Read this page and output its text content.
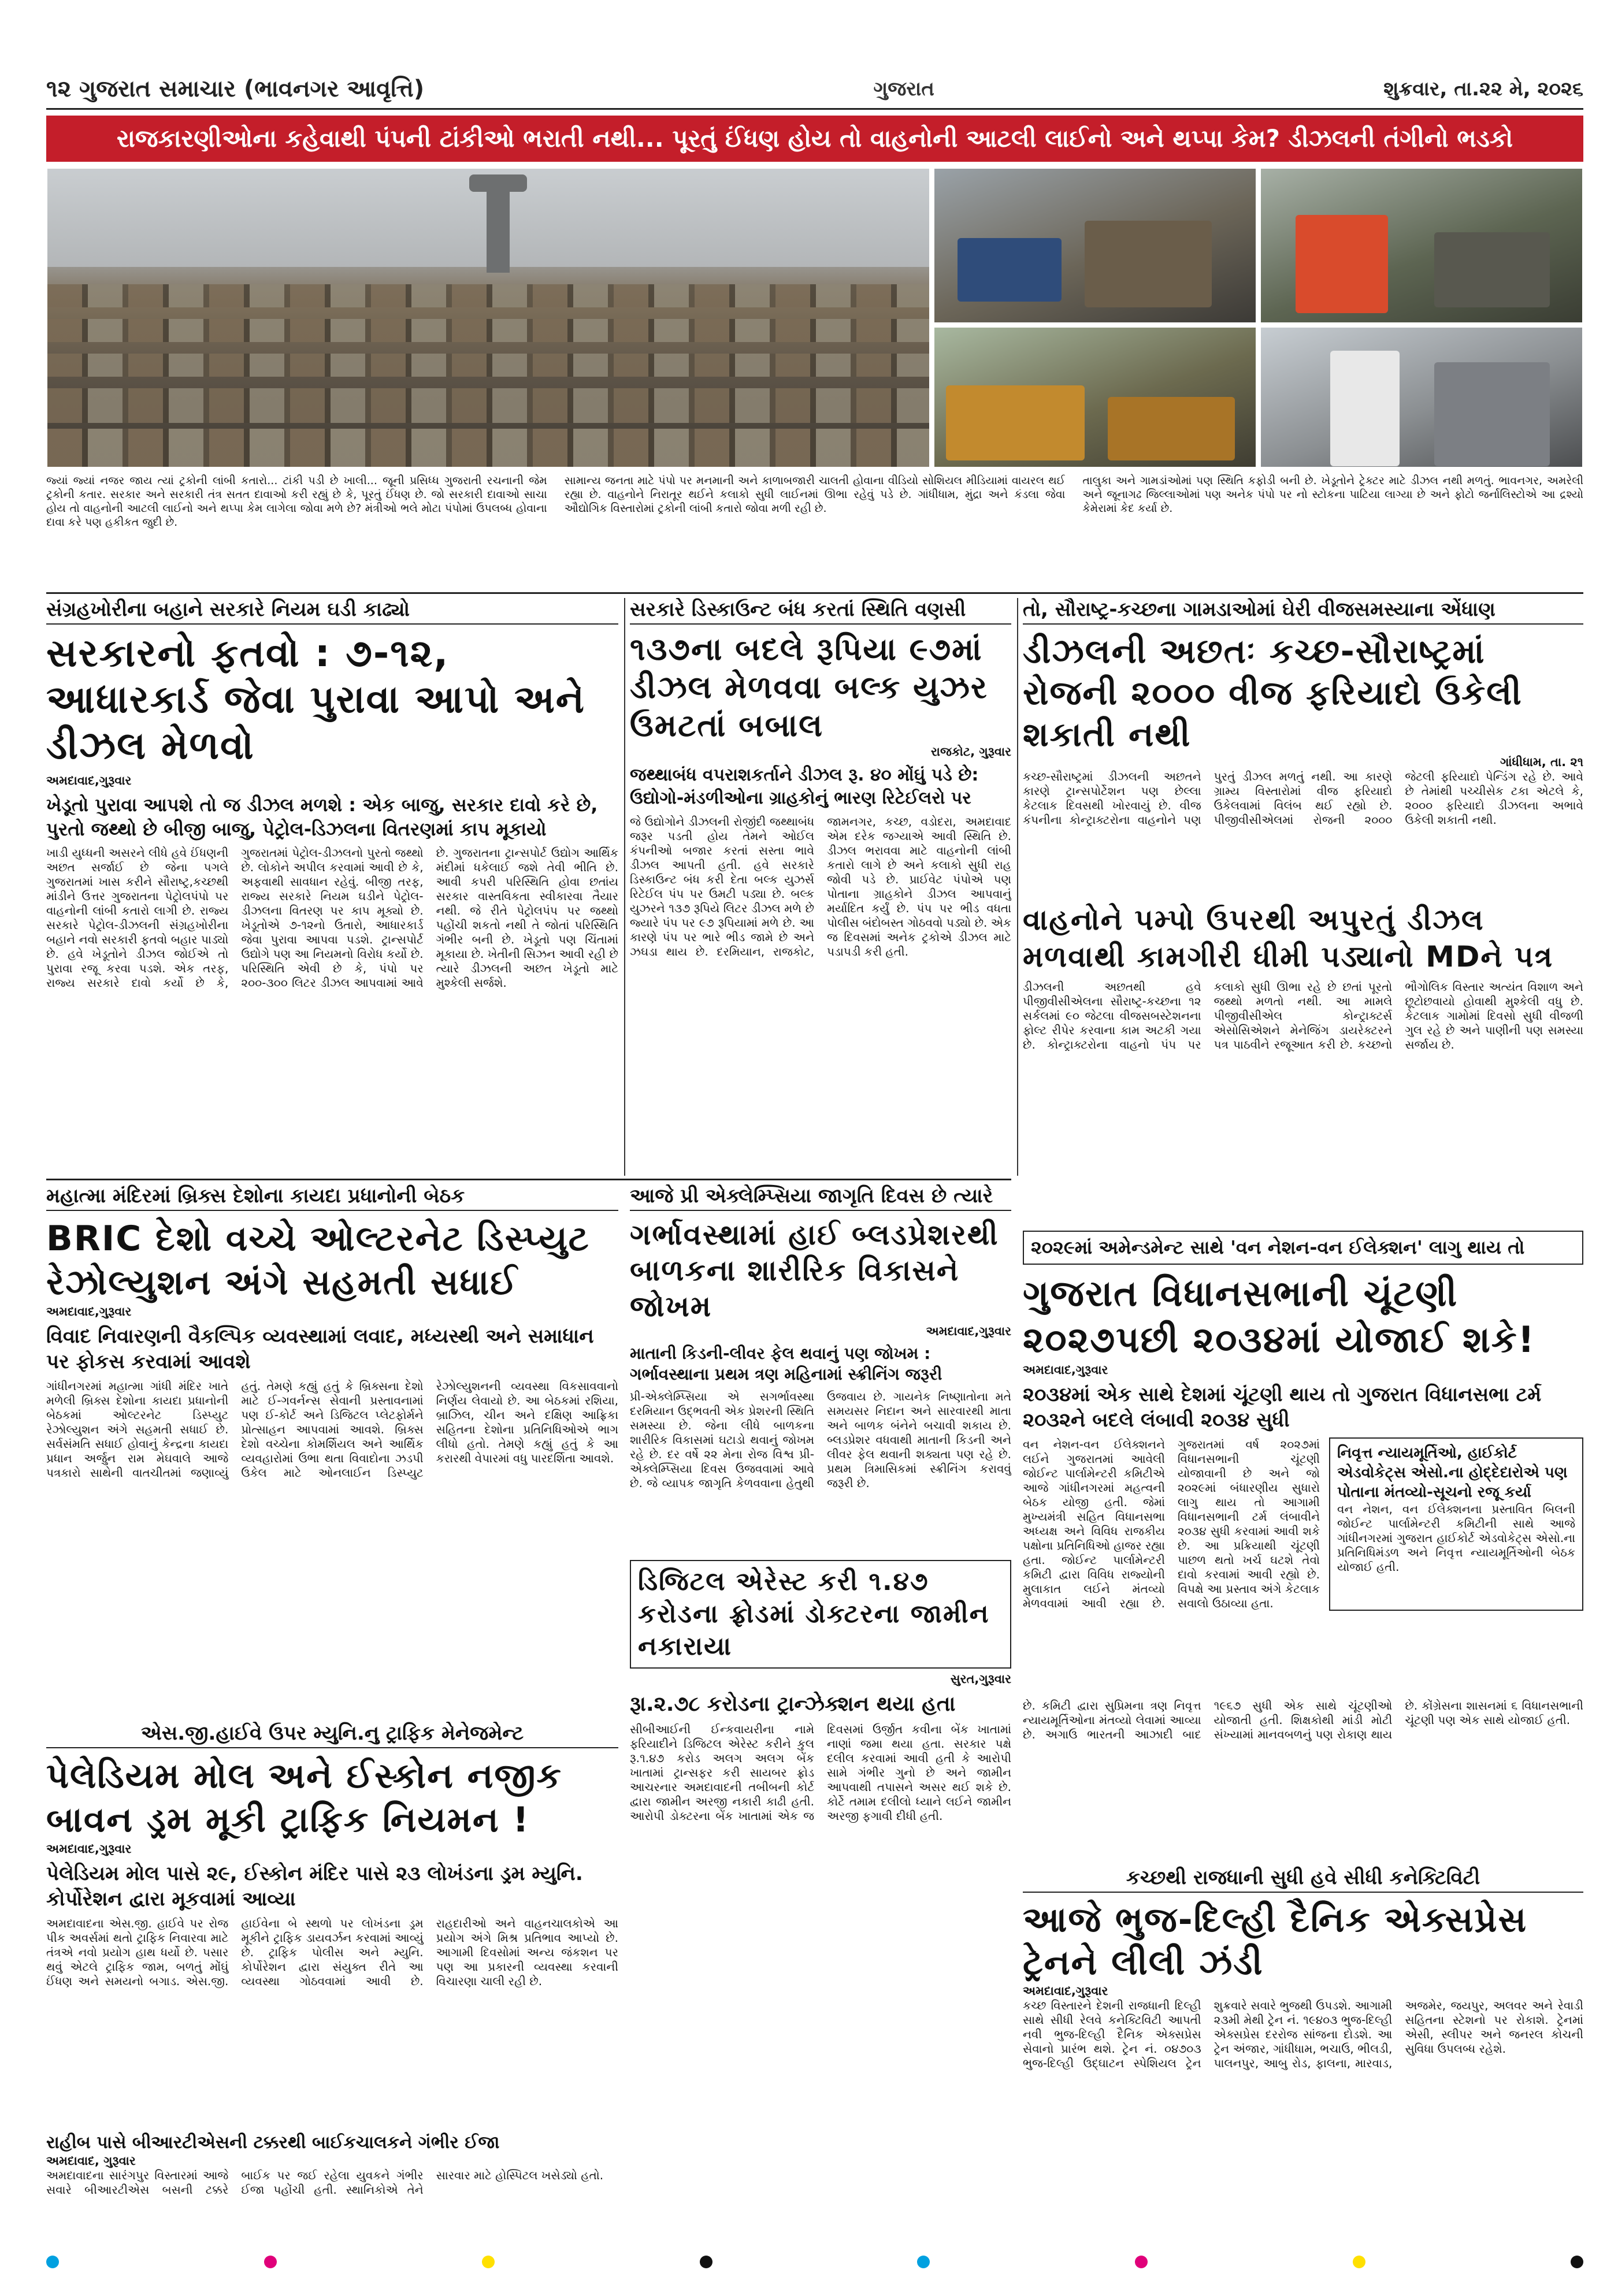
૧૨ ગુજરાત સમાચાર (ભાવનગર આવૃત્તિ)	ગુજરાત	શુક્રવાર, તા.૨૨ મે, ૨૦૨૬
રાજકારણીઓના કહેવાથી પંપની ટાંકીઓ ભરાતી નથી... પૂરતું ઈંધણ હોય તો વાહનોની આટલી લાઈનો અને થપ્પા કેમ? ડીઝલની તંગીનો ભડકો

જ્યાં જ્યાં નજર જાય ત્યાં ટ્રકોની લાંબી કતારો... ટાંકી પડી છે ખાલી... જૂની પ્રસિધ્ધ ગુજરાતી રચનાની જેમ ટ્રકોની કતાર. સરકાર અને સરકારી તંત્ર સતત દાવાઓ કરી રહ્યું છે કે, પૂરતું ઈંધણ છે. જો સરકારી દાવાઓ સાચા હોય તો વાહનોની આટલી લાઈનો અને થપ્પા કેમ લાગેલા જોવા મળે છે? મંત્રીઓ ભલે મોટા પંપોમાં ઉપલબ્ધ હોવાના દાવા કરે પણ હકીકત જુદી છે.

સામાન્ય જનતા માટે પંપો પર મનમાની અને કાળાબજારી ચાલતી હોવાના વીડિયો સોશિયલ મીડિયામાં વાયરલ થઈ રહ્યા છે. વાહનોને નિરાતૂર થઈને કલાકો સુધી લાઈનમાં ઊભા રહેવું પડે છે. ગાંધીધામ, મુંદ્રા અને કંડલા જેવા ઔદ્યોગિક વિસ્તારોમાં ટ્રકોની લાંબી કતારો જોવા મળી રહી છે.

તાલુકા અને ગામડાંઓમાં પણ સ્થિતિ કફોડી બની છે. ખેડૂતોને ટ્રેક્ટર માટે ડીઝલ નથી મળતું. ભાવનગર, અમરેલી અને જૂનાગઢ જિલ્લાઓમાં પણ અનેક પંપો પર નો સ્ટોકના પાટિયા લાગ્યા છે અને ફોટો જર્નાલિસ્ટોએ આ દ્રશ્યો કેમેરામાં કેદ કર્યા છે.

સંગ્રહખોરીના બહાને સરકારે નિયમ ઘડી કાઢ્યો
સરકારનો ફતવો : ૭-૧૨, આધારકાર્ડ જેવા પુરાવા આપો અને ડીઝલ મેળવો
અમદાવાદ,ગુરૂવાર
ખેડૂતો પુરાવા આપશે તો જ ડીઝલ મળશે : એક બાજુ, સરકાર દાવો કરે છે, પુરતો જથ્થો છે બીજી બાજુ, પેટ્રોલ-ડિઝલના વિતરણમાં કાપ મૂકાયો
ખાડી યુધ્ધની અસરને લીધે હવે ઈંધણની અછત સર્જાઈ છે જેના પગલે ગુજરાતમાં ખાસ કરીને સૌરાષ્ટ્ર,કચ્છથી માંડીને ઉત્તર ગુજરાતના પેટ્રોલપંપો પર વાહનોની લાંબી કતારો લાગી છે. રાજ્ય સરકારે પેટ્રોલ-ડીઝલની સંગ્રહખોરીના બહાને નવો સરકારી ફતવો બહાર પાડ્યો છે. હવે ખેડૂતોને ડીઝલ જોઈએ તો પુરાવા રજૂ કરવા પડશે. એક તરફ, રાજ્ય સરકારે દાવો કર્યો છે કે, ગુજરાતમાં પેટ્રોલ-ડીઝલનો પુરતો જથ્થો છે. લોકોને અપીલ કરવામાં આવી છે કે, અફવાથી સાવધાન રહેવું. બીજી તરફ, રાજ્ય સરકારે નિયમ ઘડીને પેટ્રોલ-ડીઝલના વિતરણ પર કાપ મૂક્યો છે. ખેડૂતોએ ૭-૧૨નો ઉતારો, આધારકાર્ડ જેવા પુરાવા આપવા પડશે. ટ્રાન્સપોર્ટ ઉદ્યોગે પણ આ નિયમનો વિરોધ કર્યો છે. પરિસ્થિતિ એવી છે કે, પંપો પર ૨૦૦-૩૦૦ લિટર ડીઝલ આપવામાં આવે છે. ગુજરાતના ટ્રાન્સપોર્ટ ઉદ્યોગ આર્થિક મંદીમાં ધકેલાઈ જશે તેવી ભીતિ છે. આવી કપરી પરિસ્થિતિ હોવા છતાંય સરકાર વાસ્તવિકતા સ્વીકારવા તૈયાર નથી. જે રીતે પેટ્રોલપંપ પર જથ્થો પહોંચી શકતો નથી તે જોતાં પરિસ્થિતિ ગંભીર બની છે. ખેડૂતો પણ ચિંતામાં મૂકાયા છે. ખેતીની સિઝન આવી રહી છે ત્યારે ડીઝલની અછત ખેડૂતો માટે મુશ્કેલી સર્જશે.
સરકારે ડિસ્કાઉન્ટ બંધ કરતાં સ્થિતિ વણસી
૧૩૭ના બદલે રૂપિયા ૯૭માં ડીઝલ મેળવવા બલ્ક યુઝર ઉમટતાં બબાલ
રાજકોટ, ગુરૂવાર
જથ્થાબંધ વપરાશકર્તાને ડીઝલ રૂ. ૪૦ મોંઘું પડે છે: ઉદ્યોગો-મંડળીઓના ગ્રાહકોનું ભારણ રિટેઈલરો પર
જે ઉદ્યોગોને ડીઝલની રોજીંદી જથ્થાબંધ જરૂર પડતી હોય તેમને ઓઈલ કંપનીઓ બજાર કરતાં સસ્તા ભાવે ડીઝલ આપતી હતી. હવે સરકારે ડિસ્કાઉન્ટ બંધ કરી દેતા બલ્ક યુઝર્સ રિટેઈલ પંપ પર ઉમટી પડ્યા છે. બલ્ક યુઝરને ૧૩૭ રૂપિયે લિટર ડીઝલ મળે છે જ્યારે પંપ પર ૯૭ રૂપિયામાં મળે છે. આ કારણે પંપ પર ભારે ભીડ જામે છે અને ઝઘડા થાય છે. દરમિયાન, રાજકોટ, જામનગર, કચ્છ, વડોદરા, અમદાવાદ એમ દરેક જગ્યાએ આવી સ્થિતિ છે. ડીઝલ ભરાવવા માટે વાહનોની લાંબી કતારો લાગે છે અને કલાકો સુધી રાહ જોવી પડે છે. પ્રાઈવેટ પંપોએ પણ પોતાના ગ્રાહકોને ડીઝલ આપવાનું મર્યાદિત કર્યું છે. પંપ પર ભીડ વધતા પોલીસ બંદોબસ્ત ગોઠવવો પડ્યો છે. એક જ દિવસમાં અનેક ટ્રકોએ ડીઝલ માટે પડાપડી કરી હતી.
તો, સૌરાષ્ટ્ર-કચ્છના ગામડાઓમાં ઘેરી વીજસમસ્યાના એંધાણ
ડીઝલની અછતઃ કચ્છ-સૌરાષ્ટ્રમાં રોજની ૨૦૦૦ વીજ ફરિયાદો ઉકેલી શકાતી નથી
ગાંધીધામ, તા. ૨૧
કચ્છ-સૌરાષ્ટ્રમાં ડીઝલની અછતને કારણે ટ્રાન્સપોર્ટેશન પણ છેલ્લા કેટલાક દિવસથી ખોરવાયું છે. વીજ કંપનીના કોન્ટ્રાક્ટરોના વાહનોને પણ પુરતું ડીઝલ મળતું નથી. આ કારણે ગ્રામ્ય વિસ્તારોમાં વીજ ફરિયાદો ઉકેલવામાં વિલંબ થઈ રહ્યો છે. પીજીવીસીએલમાં રોજની ૨૦૦૦ જેટલી ફરિયાદો પેન્ડિંગ રહે છે. આવે છે તેમાંથી પચ્ચીસેક ટકા એટલે કે, ૨૦૦૦ ફરિયાદો ડીઝલના અભાવે ઉકેલી શકાતી નથી.
વાહનોને પમ્પો ઉપરથી અપુરતું ડીઝલ મળવાથી કામગીરી ધીમી પડ્યાનો MDને પત્ર
ડીઝલની અછતથી હવે પીજીવીસીએલના સૌરાષ્ટ્ર-કચ્છના ૧૨ સર્કલમાં ૯૦ જેટલા વીજસબસ્ટેશનના ફોલ્ટ રીપેર કરવાના કામ અટકી ગયા છે. કોન્ટ્રાક્ટરોના વાહનો પંપ પર કલાકો સુધી ઊભા રહે છે છતાં પૂરતો જથ્થો મળતો નથી. આ મામલે પીજીવીસીએલ કોન્ટ્રાક્ટર્સ એસોસિએશને મેનેજિંગ ડાયરેક્ટરને પત્ર પાઠવીને રજૂઆત કરી છે. કચ્છનો ભૌગોલિક વિસ્તાર અત્યંત વિશાળ અને છૂટોછવાયો હોવાથી મુશ્કેલી વધુ છે. કેટલાક ગામોમાં દિવસો સુધી વીજળી ગુલ રહે છે અને પાણીની પણ સમસ્યા સર્જાય છે.
મહાત્મા મંદિરમાં બ્રિક્સ દેશોના કાયદા પ્રધાનોની બેઠક
BRIC દેશો વચ્ચે ઓલ્ટરનેટ ડિસ્પ્યુટ રેઝોલ્યુશન અંગે સહમતી સધાઈ
અમદાવાદ,ગુરૂવાર
વિવાદ નિવારણની વૈકલ્પિક વ્યવસ્થામાં લવાદ, મધ્યસ્થી અને સમાધાન પર ફોકસ કરવામાં આવશે
ગાંધીનગરમાં મહાત્મા ગાંધી મંદિર ખાતે મળેલી બ્રિક્સ દેશોના કાયદા પ્રધાનોની બેઠકમાં ઓલ્ટરનેટ ડિસ્પ્યુટ રેઝોલ્યુશન અંગે સહમતી સધાઈ છે. સર્વસંમતિ સધાઈ હોવાનું કેન્દ્રના કાયદા પ્રધાન અર્જુન રામ મેઘવાલે આજે પત્રકારો સાથેની વાતચીતમાં જણાવ્યું હતું. તેમણે કહ્યું હતું કે બ્રિક્સના દેશો માટે ઈ-ગવર્નન્સ સેવાની પ્રસ્તાવનામાં પણ ઈ-કોર્ટ અને ડિજિટલ પ્લેટફોર્મને પ્રોત્સાહન આપવામાં આવશે. બ્રિક્સ દેશો વચ્ચેના કોમર્શિયલ અને આર્થિક વ્યવહારોમાં ઉભા થતા વિવાદોના ઝડપી ઉકેલ માટે ઓનલાઈન ડિસ્પ્યુટ રેઝોલ્યુશનની વ્યવસ્થા વિકસાવવાનો નિર્ણય લેવાયો છે. આ બેઠકમાં રશિયા, બ્રાઝિલ, ચીન અને દક્ષિણ આફ્રિકા સહિતના દેશોના પ્રતિનિધિઓએ ભાગ લીધો હતો. તેમણે કહ્યું હતું કે આ કરારથી વેપારમાં વધુ પારદર્શિતા આવશે.
આજે પ્રી એક્લેમ્પ્સિયા જાગૃતિ દિવસ છે ત્યારે
ગર્ભાવસ્થામાં હાઈ બ્લડપ્રેશરથી બાળકના શારીરિક વિકાસને જોખમ
અમદાવાદ,ગુરૂવાર
માતાની કિડની-લીવર ફેલ થવાનું પણ જોખમ : ગર્ભાવસ્થાના પ્રથમ ત્રણ મહિનામાં સ્ક્રીનિંગ જરૂરી
પ્રી-એક્લેમ્પ્સિયા એ સગર્ભાવસ્થા દરમિયાન ઉદ્ભવતી એક પ્રેશરની સ્થિતિ સમસ્યા છે. જેના લીધે બાળકના શારીરિક વિકાસમાં ઘટાડો થવાનું જોખમ રહે છે. દર વર્ષે ૨૨ મેના રોજ વિશ્વ પ્રી-એક્લેમ્પ્સિયા દિવસ ઉજવવામાં આવે છે. જે વ્યાપક જાગૃતિ કેળવવાના હેતુથી ઉજવાય છે. ગાયનેક નિષ્ણાતોના મતે સમયસર નિદાન અને સારવારથી માતા અને બાળક બંનેને બચાવી શકાય છે. બ્લડપ્રેશર વધવાથી માતાની કિડની અને લીવર ફેલ થવાની શક્યતા પણ રહે છે. પ્રથમ ત્રિમાસિકમાં સ્ક્રીનિંગ કરાવવું જરૂરી છે.
ડિજિટલ એરેસ્ટ કરી ૧.૪૭ કરોડના ફ્રોડમાં ડોક્ટરના જામીન નકારાયા
સુરત,ગુરૂવાર
રૂા.૨.૭૮ કરોડના ટ્રાન્ઝેક્શન થયા હતા
સીબીઆઈની ઈન્કવાયરીના નામે ફરિયાદીને ડિજિટલ એરેસ્ટ કરીને કુલ રૂ.૧.૪૭ કરોડ અલગ અલગ બેંક ખાતામાં ટ્રાન્સફર કરી સાયબર ફ્રોડ આચરનાર અમદાવાદની તબીબની કોર્ટ દ્વારા જામીન અરજી નકારી કાઢી હતી. આરોપી ડોક્ટરના બેંક ખાતામાં એક જ દિવસમાં ઉર્જીત કવીના બેંક ખાતામાં નાણાં જમા થયા હતા. સરકાર પક્ષે દલીલ કરવામાં આવી હતી કે આરોપી સામે ગંભીર ગુનો છે અને જામીન આપવાથી તપાસને અસર થઈ શકે છે. કોર્ટે તમામ દલીલો ધ્યાને લઈને જામીન અરજી ફગાવી દીધી હતી.
૨૦૨૯માં અમેન્ડમેન્ટ સાથે 'વન નેશન-વન ઈલેક્શન' લાગુ થાય તો
ગુજરાત વિધાનસભાની ચૂંટણી ૨૦૨૭પછી ૨૦૩૪માં યોજાઈ શકે!
અમદાવાદ,ગુરૂવાર
૨૦૩૪માં એક સાથે દેશમાં ચૂંટણી થાય તો ગુજરાત વિધાનસભા ટર્મ ૨૦૩૨ને બદલે લંબાવી ૨૦૩૪ સુધી
વન નેશન-વન ઈલેક્શનને લઈને ગુજરાતમાં આવેલી જોઈન્ટ પાર્લામેન્ટરી કમિટીએ આજે ગાંધીનગરમાં મહત્વની બેઠક યોજી હતી. જેમાં મુખ્યમંત્રી સહિત વિધાનસભા અધ્યક્ષ અને વિવિધ રાજકીય પક્ષોના પ્રતિનિધિઓ હાજર રહ્યા હતા. જોઈન્ટ પાર્લામેન્ટરી કમિટી દ્વારા વિવિધ રાજ્યોની મુલાકાત લઈને મંતવ્યો મેળવવામાં આવી રહ્યા છે. ગુજરાતમાં વર્ષ ૨૦૨૭માં વિધાનસભાની ચૂંટણી યોજાવાની છે અને જો ૨૦૨૯માં બંધારણીય સુધારો લાગુ થાય તો આગામી વિધાનસભાની ટર્મ લંબાવીને ૨૦૩૪ સુધી કરવામાં આવી શકે છે. આ પ્રક્રિયાથી ચૂંટણી પાછળ થતો ખર્ચ ઘટશે તેવો દાવો કરવામાં આવી રહ્યો છે. વિપક્ષે આ પ્રસ્તાવ અંગે કેટલાક સવાલો ઉઠાવ્યા હતા.
નિવૃત્ત ન્યાયમૂર્તિઓ, હાઈકોર્ટ એડવોકેટ્સ એસો.ના હોદ્દેદારોએ પણ પોતાના મંતવ્યો-સૂચનો રજૂ કર્યા
વન નેશન, વન ઈલેક્શનના પ્રસ્તાવિત બિલની જોઈન્ટ પાર્લામેન્ટરી કમિટીની સાથે આજે ગાંધીનગરમાં ગુજરાત હાઈકોર્ટ એડવોકેટ્સ એસો.ના પ્રતિનિધિમંડળ અને નિવૃત્ત ન્યાયમૂર્તિઓની બેઠક યોજાઈ હતી.
છે. કમિટી દ્વારા સુપ્રિમના ત્રણ નિવૃત્ત ન્યાયમૂર્તિઓના મંતવ્યો લેવામાં આવ્યા છે. અગાઉ ભારતની આઝાદી બાદ ૧૯૬૭ સુધી એક સાથે ચૂંટણીઓ યોજાતી હતી. શિક્ષકોથી માંડી મોટી સંખ્યામાં માનવબળનું પણ રોકાણ થાય છે. કોંગ્રેસના શાસનમાં ૬ વિધાનસભાની ચૂંટણી પણ એક સાથે યોજાઈ હતી.
કચ્છથી રાજધાની સુધી હવે સીધી કનેક્ટિવિટી
આજે ભુજ-દિલ્હી દૈનિક એક્સપ્રેસ ટ્રેનને લીલી ઝંડી
અમદાવાદ,ગુરૂવાર
કચ્છ વિસ્તારને દેશની રાજધાની દિલ્હી સાથે સીધી રેલવે કનેક્ટિવિટી આપતી નવી ભુજ-દિલ્હી દૈનિક એક્સપ્રેસ સેવાનો પ્રારંભ થશે. ટ્રેન નં. ૦૪૭૦૩ ભુજ-દિલ્હી ઉદ્ઘાટન સ્પેશિયલ ટ્રેન શુક્રવારે સવારે ભુજથી ઉપડશે. આગામી ૨૩મી મેથી ટ્રેન નં. ૧૯૪૦૩ ભુજ-દિલ્હી એક્સપ્રેસ દરરોજ સાંજના દોડશે. આ ટ્રેન અંજાર, ગાંધીધામ, ભચાઉ, ભીલડી, પાલનપુર, આબુ રોડ, ફાલના, મારવાડ, અજમેર, જયપુર, અલવર અને રેવાડી સહિતના સ્ટેશનો પર રોકાશે. ટ્રેનમાં એસી, સ્લીપર અને જનરલ કોચની સુવિધા ઉપલબ્ધ રહેશે.
એસ.જી.હાઈવે ઉપર મ્યુનિ.નુ ટ્રાફિક મેનેજમેન્ટ
પેલેડિયમ મોલ અને ઈસ્કોન નજીક બાવન ડ્રમ મૂકી ટ્રાફિક નિયમન !
અમદાવાદ,ગુરૂવાર
પેલેડિયમ મોલ પાસે ૨૯, ઈસ્કોન મંદિર પાસે ૨૩ લોખંડના ડ્રમ મ્યુનિ. કોર્પોરેશન દ્વારા મૂકવામાં આવ્યા
અમદાવાદના એસ.જી. હાઈવે પર રોજ પીક અવર્સમાં થતો ટ્રાફિક નિવારવા માટે તંત્રએ નવો પ્રયોગ હાથ ધર્યો છે. પસાર થવું એટલે ટ્રાફિક જામ, બળતું મોંઘું ઈંધણ અને સમયનો બગાડ. એસ.જી. હાઈવેના બે સ્થળો પર લોખંડના ડ્રમ મૂકીને ટ્રાફિક ડાયવર્ઝન કરવામાં આવ્યું છે. ટ્રાફિક પોલીસ અને મ્યુનિ. કોર્પોરેશન દ્વારા સંયુક્ત રીતે આ વ્યવસ્થા ગોઠવવામાં આવી છે. રાહદારીઓ અને વાહનચાલકોએ આ પ્રયોગ અંગે મિશ્ર પ્રતિભાવ આપ્યો છે. આગામી દિવસોમાં અન્ય જંકશન પર પણ આ પ્રકારની વ્યવસ્થા કરવાની વિચારણા ચાલી રહી છે.
રાહીબ પાસે બીઆરટીએસની ટક્કરથી બાઈકચાલકને ગંભીર ઈજા
અમદાવાદ, ગુરૂવાર
અમદાવાદના સારંગપુર વિસ્તારમાં આજે સવારે બીઆરટીએસ બસની ટક્કરે બાઈક પર જઈ રહેલા યુવકને ગંભીર ઈજા પહોંચી હતી. સ્થાનિકોએ તેને સારવાર માટે હોસ્પિટલ ખસેડ્યો હતો.
